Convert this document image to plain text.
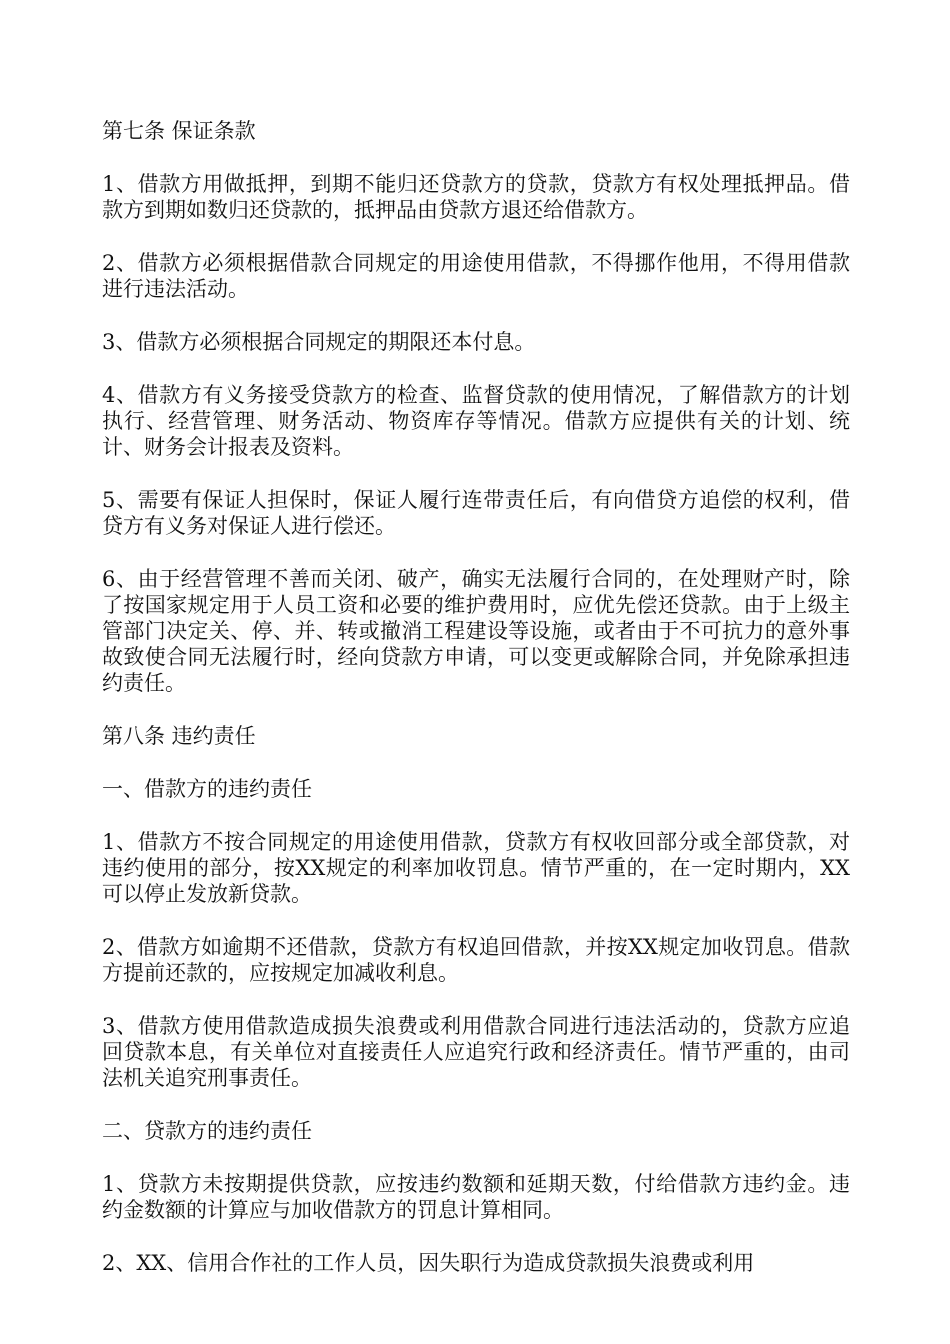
第七条 保证条款

1、借款方用做抵押，到期不能归还贷款方的贷款，贷款方有权处理抵押品。借款方到期如数归还贷款的，抵押品由贷款方退还给借款方。

2、借款方必须根据借款合同规定的用途使用借款，不得挪作他用，不得用借款进行违法活动。

3、借款方必须根据合同规定的期限还本付息。

4、借款方有义务接受贷款方的检查、监督贷款的使用情况，了解借款方的计划执行、经营管理、财务活动、物资库存等情况。借款方应提供有关的计划、统计、财务会计报表及资料。

5、需要有保证人担保时，保证人履行连带责任后，有向借贷方追偿的权利，借贷方有义务对保证人进行偿还。

6、由于经营管理不善而关闭、破产，确实无法履行合同的，在处理财产时，除了按国家规定用于人员工资和必要的维护费用时，应优先偿还贷款。由于上级主管部门决定关、停、并、转或撤消工程建设等设施，或者由于不可抗力的意外事故致使合同无法履行时，经向贷款方申请，可以变更或解除合同，并免除承担违约责任。

第八条 违约责任

一、借款方的违约责任

1、借款方不按合同规定的用途使用借款，贷款方有权收回部分或全部贷款，对违约使用的部分，按XX规定的利率加收罚息。情节严重的，在一定时期内，XX可以停止发放新贷款。

2、借款方如逾期不还借款，贷款方有权追回借款，并按XX规定加收罚息。借款方提前还款的，应按规定加减收利息。

3、借款方使用借款造成损失浪费或利用借款合同进行违法活动的，贷款方应追回贷款本息，有关单位对直接责任人应追究行政和经济责任。情节严重的，由司法机关追究刑事责任。

二、贷款方的违约责任

1、贷款方未按期提供贷款，应按违约数额和延期天数，付给借款方违约金。违约金数额的计算应与加收借款方的罚息计算相同。

2、XX、信用合作社的工作人员，因失职行为造成贷款损失浪费或利用
